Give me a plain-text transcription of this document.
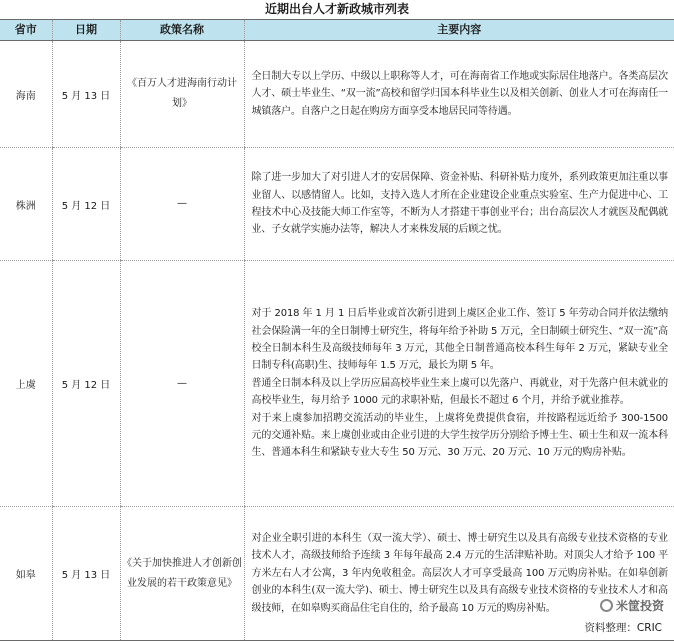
近期出台人才新政城市列表
省市	日期	政策名称	主要内容
海南	5 月 13 日	《百万人才进海南行动计划》	全日制大专以上学历、中级以上职称等人才，可在海南省工作地或实际居住地落户。各类高层次人才、硕士毕业生、“双一流”高校和留学归国本科毕业生以及相关创新、创业人才可在海南任一城镇落户。自落户之日起在购房方面享受本地居民同等待遇。

株洲	5 月 12 日	—	除了进一步加大了对引进人才的安居保障、资金补贴、科研补贴力度外，系列政策更加注重以事业留人、以感情留人。比如，支持入选人才所在企业建设企业重点实验室、生产力促进中心、工程技术中心及技能大师工作室等，不断为人才搭建干事创业平台；出台高层次人才就医及配偶就业、子女就学实施办法等，解决人才来株发展的后顾之忧。

上虞	5 月 12 日	—	对于 2018 年 1 月 1 日后毕业或首次新引进到上虞区企业工作、签订 5 年劳动合同并依法缴纳社会保险满一年的全日制博士研究生，将每年给予补助 5 万元，全日制硕士研究生、“双一流”高校全日制本科生及高级技师每年 3 万元，其他全日制普通高校本科生每年 2 万元，紧缺专业全日制专科(高职)生、技师每年 1.5 万元，最长为期 5 年。

普通全日制本科及以上学历应届高校毕业生来上虞可以先落户、再就业，对于先落户但未就业的高校毕业生，每月给予 1000 元的求职补贴，但最长不超过 6 个月，并给予就业推荐。

对于来上虞参加招聘交流活动的毕业生，上虞将免费提供食宿，并按路程远近给予 300-1500 元的交通补贴。来上虞创业或由企业引进的大学生按学历分别给予博士生、硕士生和双一流本科生、普通本科生和紧缺专业大专生 50 万元、30 万元、20 万元、10 万元的购房补贴。

如皋	5 月 13 日	《关于加快推进人才创新创业发展的若干政策意见》	对企业全职引进的本科生（双一流大学）、硕士、博士研究生以及具有高级专业技术资格的专业技术人才，高级技师给予连续 3 年每年最高 2.4 万元的生活津贴补助。对顶尖人才给予 100 平方米左右人才公寓，3 年内免收租金。高层次人才可享受最高 100 万元购房补贴。在如皋创新创业的本科生(双一流大学)、硕士、博士研究生以及具有高级专业技术资格的专业技术人才和高级技师，在如皋购买商品住宅自住的，给予最高 10 万元的购房补贴。	米筐投资
资料整理：CRIC
